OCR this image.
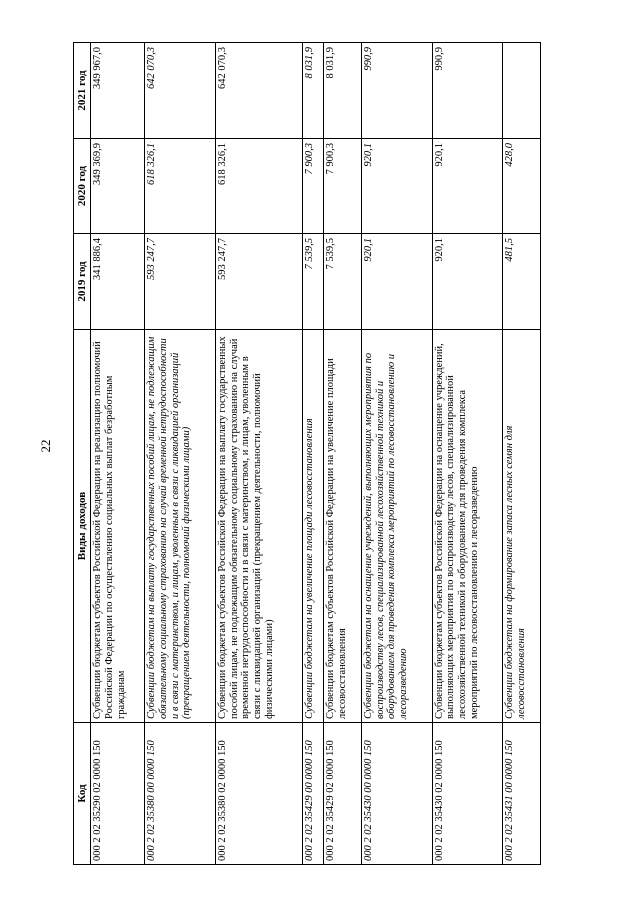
22
Код	Виды доходов	2019 год	2020 год	2021 год
000 2 02 35290 02 0000 150	Субвенции бюджетам субъектов Российской Федерации на реализацию полномочий Российской Федерации по осуществлению социальных выплат безработным гражданам	341 886,4	349 369,9	349 967,0
000 2 02 35380 00 0000 150	Субвенции бюджетам на выплату государственных пособий лицам, не подлежащим обязательному социальному страхованию на случай временной нетрудоспособности и в связи с материнством, и лицам, уволенным в связи с ликвидацией организаций (прекращением деятельности, полномочий физическими лицами)	593 247,7	618 326,1	642 070,3
000 2 02 35380 02 0000 150	Субвенции бюджетам субъектов Российской Федерации на выплату государственных пособий лицам, не подлежащим обязательному социальному страхованию на случай временной нетрудоспособности и в связи с материнством, и лицам, уволенным в связи с ликвидацией организаций (прекращением деятельности, полномочий физическими лицами)	593 247,7	618 326,1	642 070,3
000 2 02 35429 00 0000 150	Субвенции бюджетам на увеличение площади лесовосстановления	7 539,5	7 900,3	8 031,9
000 2 02 35429 02 0000 150	Субвенции бюджетам субъектов Российской Федерации на увеличение площади лесовосстановления	7 539,5	7 900,3	8 031,9
000 2 02 35430 00 0000 150	Субвенции бюджетам на оснащение учреждений, выполняющих мероприятия по воспроизводству лесов, специализированной лесохозяйственной техникой и оборудованием для проведения комплекса мероприятий по лесовосстановлению и лесоразведению	920,1	920,1	990,9
000 2 02 35430 02 0000 150	Субвенции бюджетам субъектов Российской Федерации на оснащение учреждений, выполняющих мероприятия по воспроизводству лесов, специализированной лесохозяйственной техникой и оборудованием для проведения комплекса мероприятий по лесовосстановлению и лесоразведению	920,1	920,1	990,9
000 2 02 35431 00 0000 150	Субвенции бюджетам на формирование запаса лесных семян для лесовосстановления	481,5	428,0	
